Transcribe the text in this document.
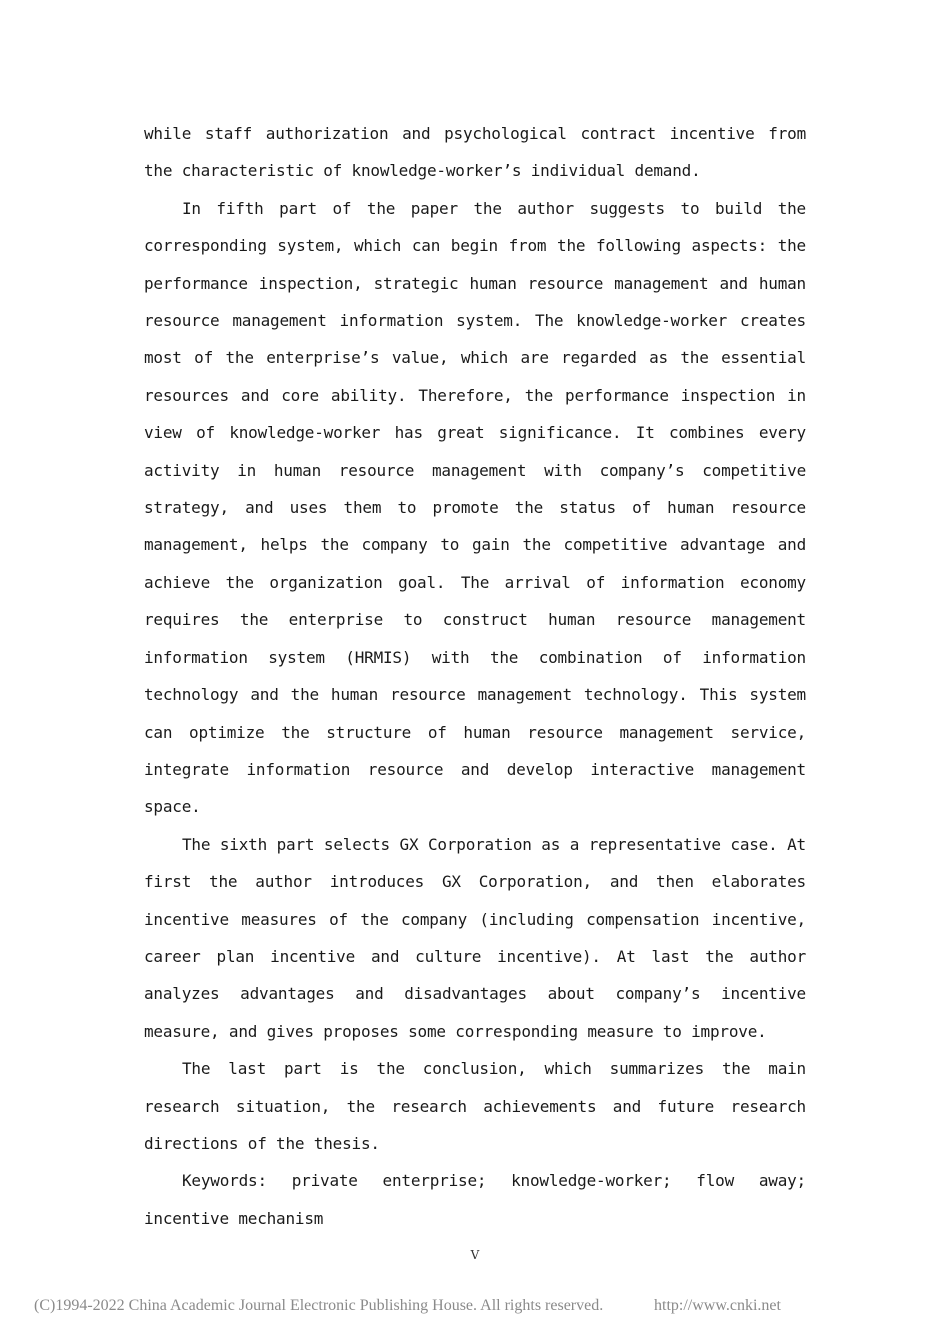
while staff authorization and psychological contract incentive from the characteristic of knowledge-worker’s individual demand.

In fifth part of the paper the author suggests to build the corresponding system, which can begin from the following aspects: the performance inspection, strategic human resource management and human resource management information system. The knowledge-worker creates most of the enterprise’s value, which are regarded as the essential resources and core ability. Therefore, the performance inspection in view of knowledge-worker has great significance. It combines every activity in human resource management with company’s competitive strategy, and uses them to promote the status of human resource management, helps the company to gain the competitive advantage and achieve the organization goal. The arrival of information economy requires the enterprise to construct human resource management information system (HRMIS) with the combination of information technology and the human resource management technology. This system can optimize the structure of human resource management service, integrate information resource and develop interactive management space.

The sixth part selects GX Corporation as a representative case. At first the author introduces GX Corporation, and then elaborates incentive measures of the company (including compensation incentive, career plan incentive and culture incentive). At last the author analyzes advantages and disadvantages about company’s incentive measure, and gives proposes some corresponding measure to improve.

The last part is the conclusion, which summarizes the main research situation, the research achievements and future research directions of the thesis.

Keywords: private enterprise; knowledge-worker; flow away; incentive mechanism

V
(C)1994-2022 China Academic Journal Electronic Publishing House. All rights reserved.	http://www.cnki.net
